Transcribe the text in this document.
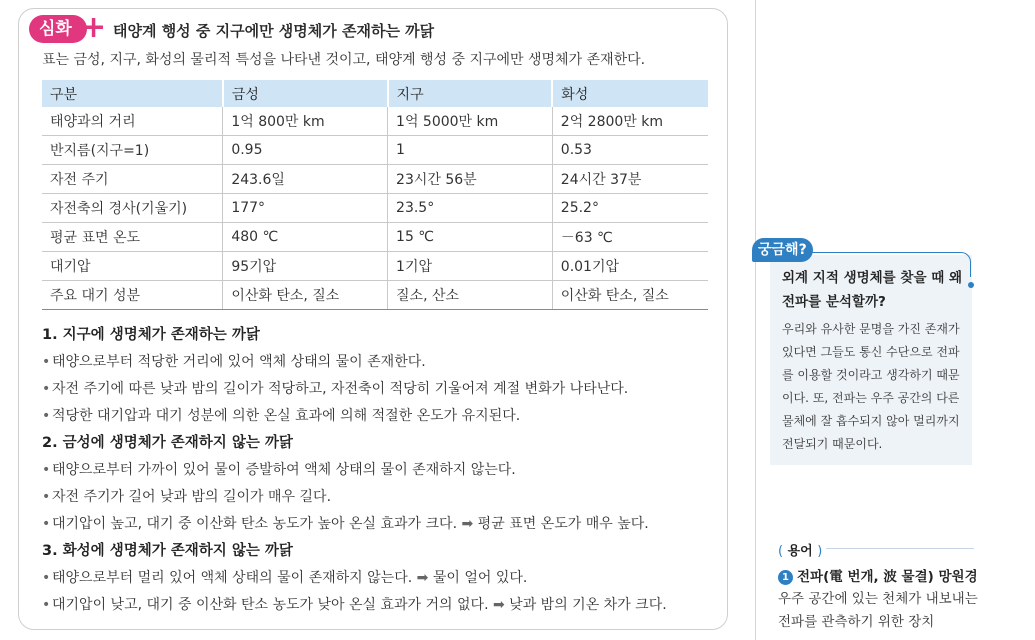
심화 + 태양계 행성 중 지구에만 생명체가 존재하는 까닭
표는 금성, 지구, 화성의 물리적 특성을 나타낸 것이고, 태양계 행성 중 지구에만 생명체가 존재한다.
구분	금성	지구	화성
태양과의 거리	1억 800만 km	1억 5000만 km	2억 2800만 km
반지름(지구=1)	0.95	1	0.53
자전 주기	243.6일	23시간 56분	24시간 37분
자전축의 경사(기울기)	177°	23.5°	25.2°
평균 표면 온도	480 ℃	15 ℃	－63 ℃
대기압	95기압	1기압	0.01기압
주요 대기 성분	이산화 탄소, 질소	질소, 산소	이산화 탄소, 질소
1. 지구에 생명체가 존재하는 까닭
• 태양으로부터 적당한 거리에 있어 액체 상태의 물이 존재한다.
• 자전 주기에 따른 낮과 밤의 길이가 적당하고, 자전축이 적당히 기울어져 계절 변화가 나타난다.
• 적당한 대기압과 대기 성분에 의한 온실 효과에 의해 적절한 온도가 유지된다.
2. 금성에 생명체가 존재하지 않는 까닭
• 태양으로부터 가까이 있어 물이 증발하여 액체 상태의 물이 존재하지 않는다.
• 자전 주기가 길어 낮과 밤의 길이가 매우 길다.
• 대기압이 높고, 대기 중 이산화 탄소 농도가 높아 온실 효과가 크다. ➡ 평균 표면 온도가 매우 높다.
3. 화성에 생명체가 존재하지 않는 까닭
• 태양으로부터 멀리 있어 액체 상태의 물이 존재하지 않는다. ➡ 물이 얼어 있다.
• 대기압이 낮고, 대기 중 이산화 탄소 농도가 낮아 온실 효과가 거의 없다. ➡ 낮과 밤의 기온 차가 크다.
궁금해?
외계 지적 생명체를 찾을 때 왜 전파를 분석할까?
우리와 유사한 문명을 가진 존재가 있다면 그들도 통신 수단으로 전파를 이용할 것이라고 생각하기 때문이다. 또, 전파는 우주 공간의 다른 물체에 잘 흡수되지 않아 멀리까지 전달되기 때문이다.
( 용어 )
1 전파(電 번개, 波 물결) 망원경
우주 공간에 있는 천체가 내보내는 전파를 관측하기 위한 장치
